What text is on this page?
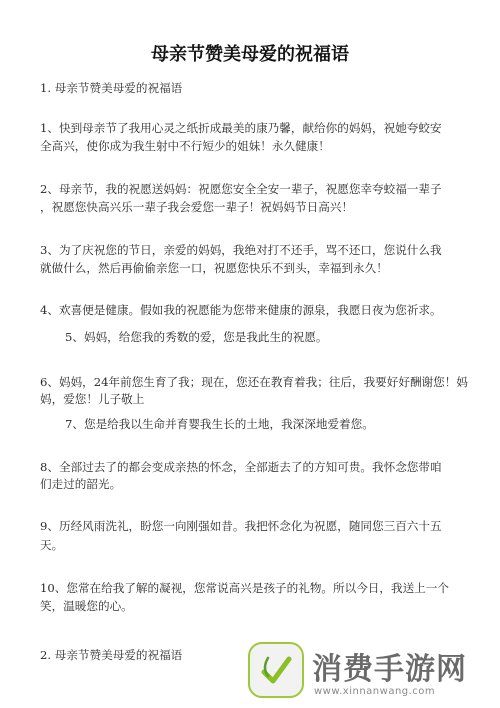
母亲节赞美母爱的祝福语
1. 母亲节赞美母爱的祝福语
1、快到母亲节了我用心灵之纸折成最美的康乃馨，献给你的妈妈，祝她夸蛟安
全高兴，使你成为我生射中不行短少的姐妹！永久健康！
2、母亲节，我的祝愿送妈妈：祝愿您安全全安一辈子，祝愿您幸夸蛟福一辈子
，祝愿您快高兴乐一辈子我会爱您一辈子！祝妈妈节日高兴！
3、为了庆祝您的节日，亲爱的妈妈，我绝对打不还手，骂不还口，您说什么我
就做什么，然后再偷偷亲您一口，祝愿您快乐不到头，幸福到永久！
4、欢喜便是健康。假如我的祝愿能为您带来健康的源泉，我愿日夜为您祈求。
5、妈妈，给您我的秀数的爱，您是我此生的祝愿。
6、妈妈，24年前您生育了我；现在，您还在教育着我；往后，我要好好酬谢您！妈
妈，爱您！儿子敬上
7、您是给我以生命并育婴我生长的土地，我深深地爱着您。
8、全部过去了的都会变成亲热的怀念，全部逝去了的方知可贵。我怀念您带咱
们走过的韶光。
9、历经风雨洗礼，盼您一向刚强如昔。我把怀念化为祝愿，随同您三百六十五
天。
10、您常在给我了解的凝视，您常说高兴是孩子的礼物。所以今日，我送上一个
笑，温暖您的心。
2. 母亲节赞美母爱的祝福语	消费手游网
www.xinnanwang.com
